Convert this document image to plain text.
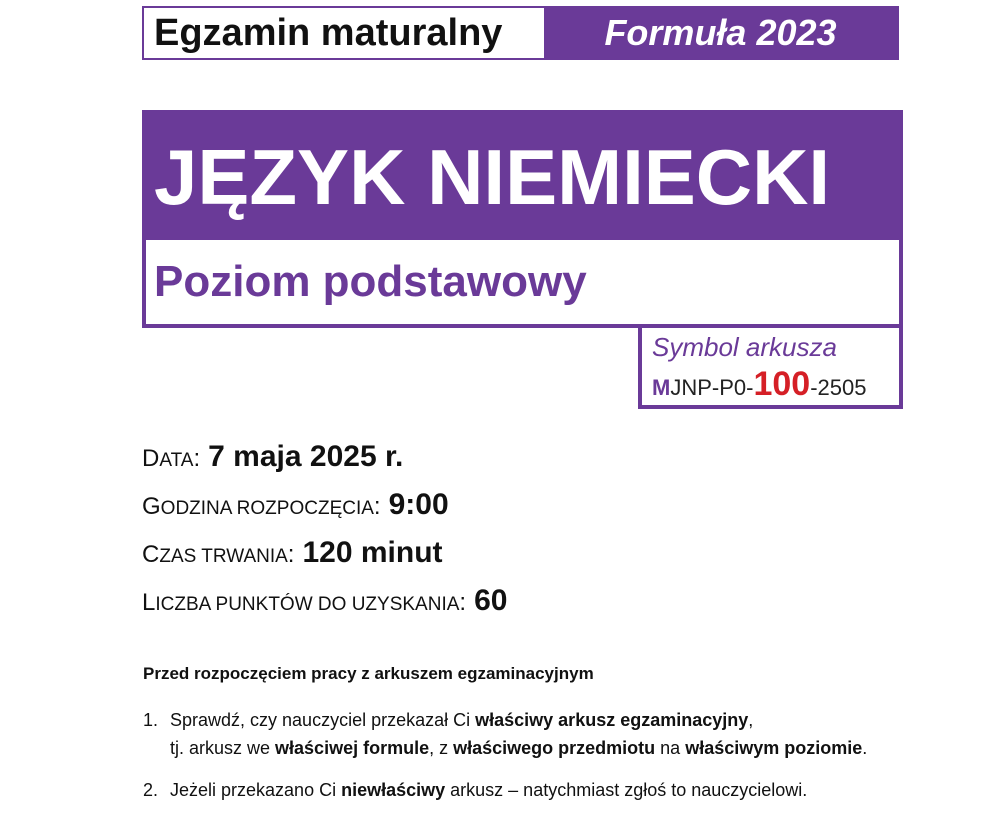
Egzamin maturalny	Formuła 2023
JĘZYK NIEMIECKI
Poziom podstawowy
Symbol arkusza
MJNP-P0-100-2505
DATA: 7 maja 2025 r.
GODZINA ROZPOCZĘCIA: 9:00
CZAS TRWANIA: 120 minut
LICZBA PUNKTÓW DO UZYSKANIA: 60
Przed rozpoczęciem pracy z arkuszem egzaminacyjnym
1. Sprawdź, czy nauczyciel przekazał Ci właściwy arkusz egzaminacyjny,
tj. arkusz we właściwej formule, z właściwego przedmiotu na właściwym poziomie.
2. Jeżeli przekazano Ci niewłaściwy arkusz – natychmiast zgłoś to nauczycielowi.
